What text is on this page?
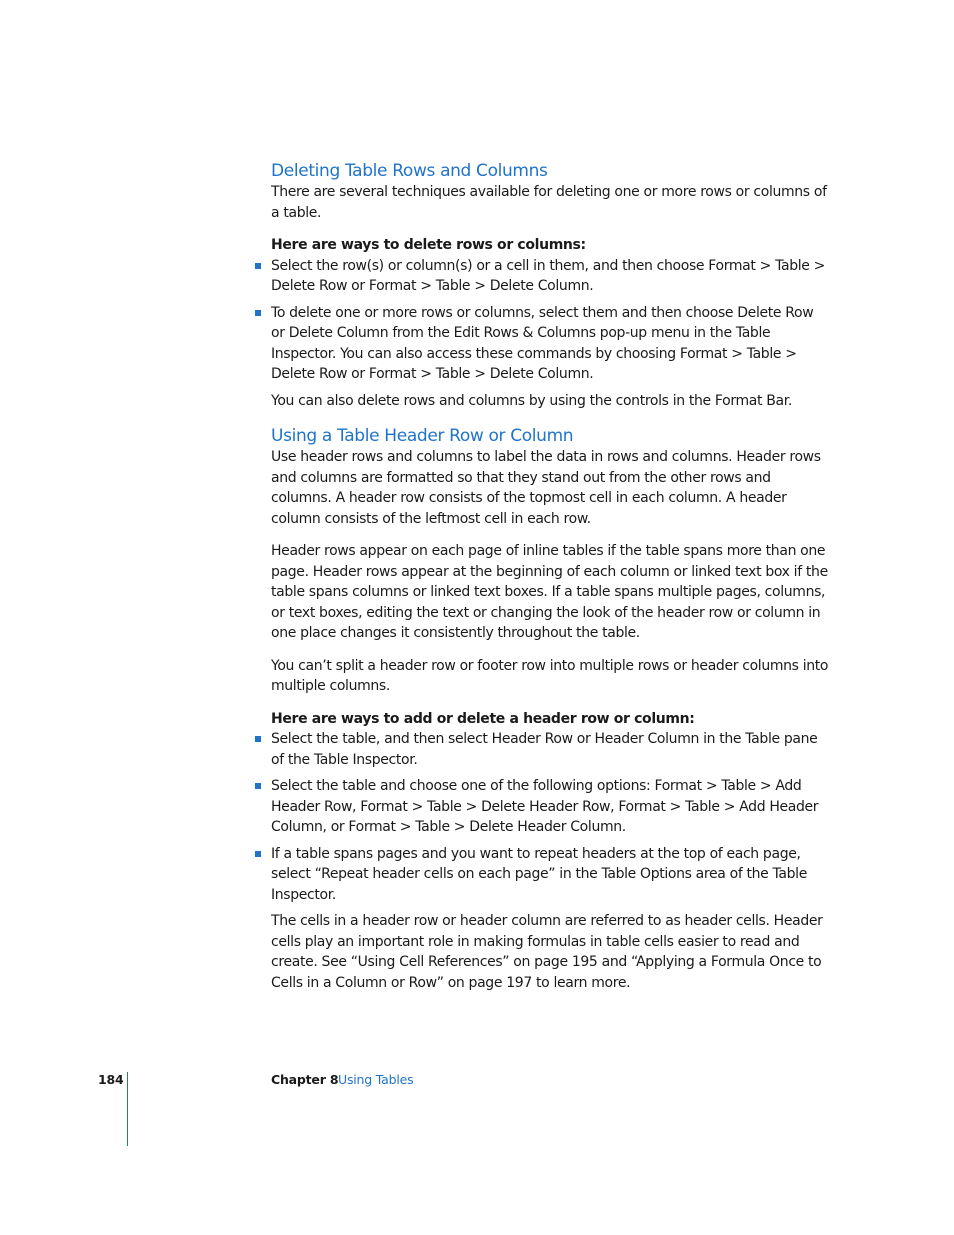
Deleting Table Rows and Columns

There are several techniques available for deleting one or more rows or columns of a table.

Here are ways to delete rows or columns:

Select the row(s) or column(s) or a cell in them, and then choose Format > Table > Delete Row or Format > Table > Delete Column.
To delete one or more rows or columns, select them and then choose Delete Row or Delete Column from the Edit Rows & Columns pop-up menu in the Table Inspector. You can also access these commands by choosing Format > Table > Delete Row or Format > Table > Delete Column.

You can also delete rows and columns by using the controls in the Format Bar.

Using a Table Header Row or Column

Use header rows and columns to label the data in rows and columns. Header rows and columns are formatted so that they stand out from the other rows and columns. A header row consists of the topmost cell in each column. A header column consists of the leftmost cell in each row.

Header rows appear on each page of inline tables if the table spans more than one page. Header rows appear at the beginning of each column or linked text box if the table spans columns or linked text boxes. If a table spans multiple pages, columns, or text boxes, editing the text or changing the look of the header row or column in one place changes it consistently throughout the table.

You can’t split a header row or footer row into multiple rows or header columns into multiple columns.

Here are ways to add or delete a header row or column:

Select the table, and then select Header Row or Header Column in the Table pane of the Table Inspector.
Select the table and choose one of the following options: Format > Table > Add Header Row, Format > Table > Delete Header Row, Format > Table > Add Header Column, or Format > Table > Delete Header Column.
If a table spans pages and you want to repeat headers at the top of each page, select “Repeat header cells on each page” in the Table Options area of the Table Inspector.

The cells in a header row or header column are referred to as header cells. Header cells play an important role in making formulas in table cells easier to read and create. See “Using Cell References” on page 195 and “Applying a Formula Once to Cells in a Column or Row” on page 197 to learn more.

184	Chapter 8 Using Tables
